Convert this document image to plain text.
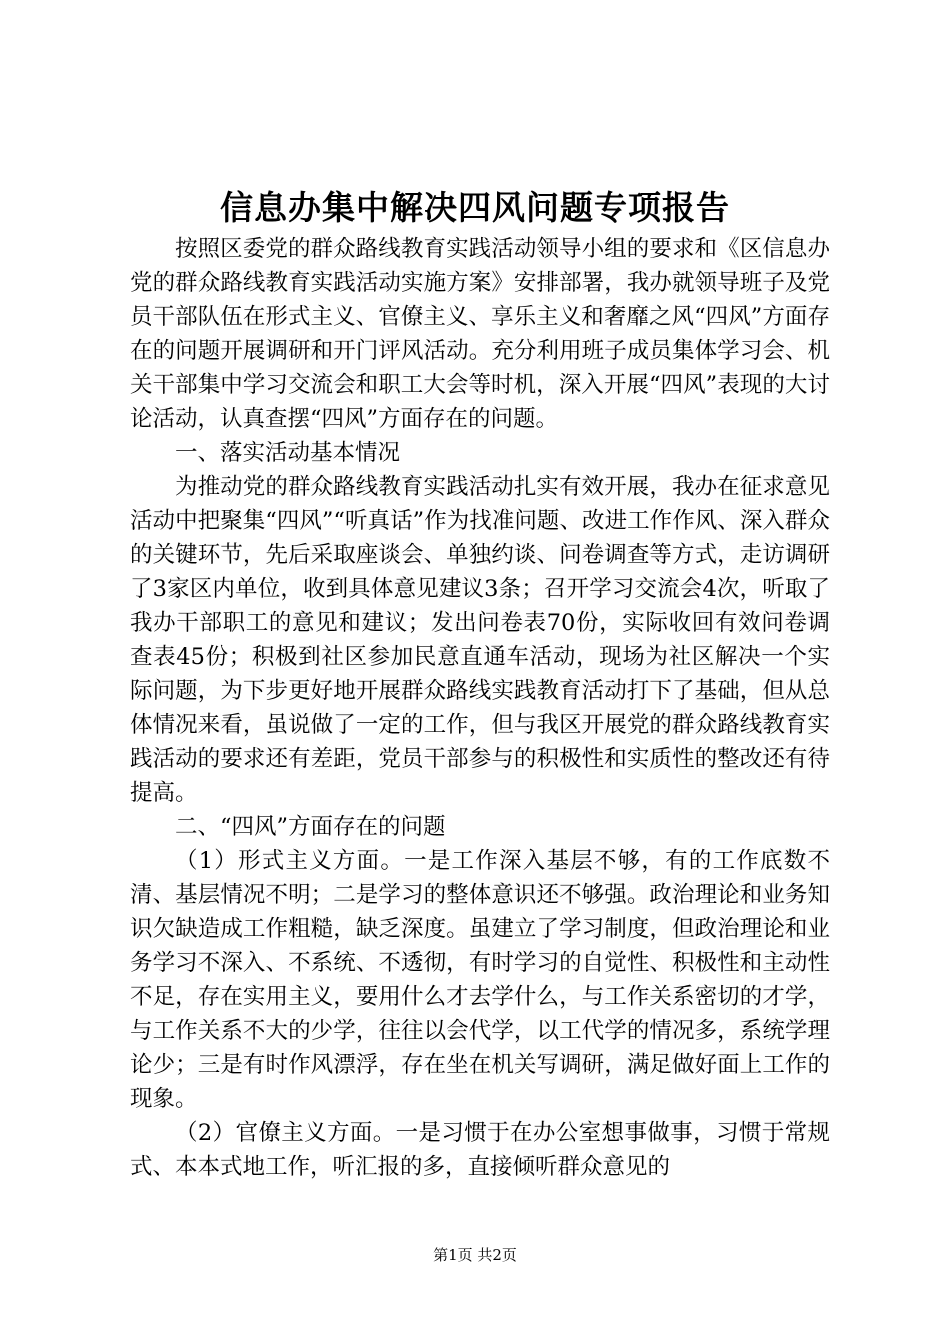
信息办集中解决四风问题专项报告

按照区委党的群众路线教育实践活动领导小组的要求和《区信息办党的群众路线教育实践活动实施方案》安排部署，我办就领导班子及党员干部队伍在形式主义、官僚主义、享乐主义和奢靡之风“四风”方面存在的问题开展调研和开门评风活动。充分利用班子成员集体学习会、机关干部集中学习交流会和职工大会等时机，深入开展“四风”表现的大讨论活动，认真查摆“四风”方面存在的问题。

一、落实活动基本情况

为推动党的群众路线教育实践活动扎实有效开展，我办在征求意见活动中把聚集“四风”“听真话”作为找准问题、改进工作作风、深入群众的关键环节，先后采取座谈会、单独约谈、问卷调查等方式，走访调研了3家区内单位，收到具体意见建议3条；召开学习交流会4次，听取了我办干部职工的意见和建议；发出问卷表70份，实际收回有效问卷调查表45份；积极到社区参加民意直通车活动，现场为社区解决一个实际问题，为下步更好地开展群众路线实践教育活动打下了基础，但从总体情况来看，虽说做了一定的工作，但与我区开展党的群众路线教育实践活动的要求还有差距，党员干部参与的积极性和实质性的整改还有待提高。

二、“四风”方面存在的问题

（1）形式主义方面。一是工作深入基层不够，有的工作底数不清、基层情况不明；二是学习的整体意识还不够强。政治理论和业务知识欠缺造成工作粗糙，缺乏深度。虽建立了学习制度，但政治理论和业务学习不深入、不系统、不透彻，有时学习的自觉性、积极性和主动性不足，存在实用主义，要用什么才去学什么，与工作关系密切的才学，与工作关系不大的少学，往往以会代学，以工代学的情况多，系统学理论少；三是有时作风漂浮，存在坐在机关写调研，满足做好面上工作的现象。

（2）官僚主义方面。一是习惯于在办公室想事做事，习惯于常规式、本本式地工作，听汇报的多，直接倾听群众意见的

第1页 共2页
